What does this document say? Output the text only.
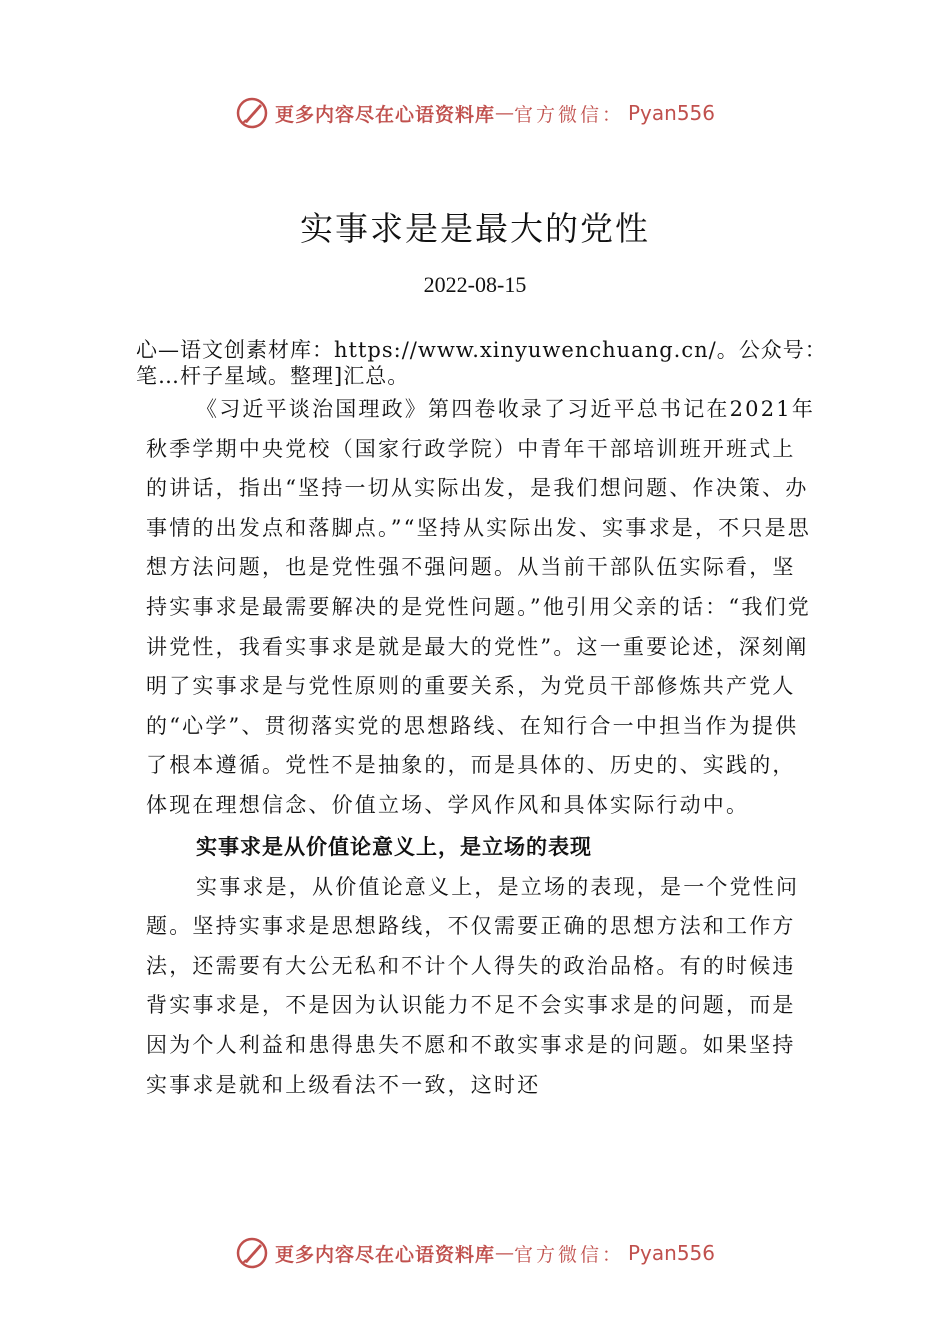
更多内容尽在心语资料库 — 官方微信： Pyan556
实事求是是最大的党性
2022-08-15
心—语文创素材库：https://www.xinyuwenchuang.cn/。公众号：笔…杆子星域。整理]汇总。

《习近平谈治国理政》第四卷收录了习近平总书记在2021年秋季学期中央党校（国家行政学院）中青年干部培训班开班式上的讲话，指出“坚持一切从实际出发，是我们想问题、作决策、办事情的出发点和落脚点。”“坚持从实际出发、实事求是，不只是思想方法问题，也是党性强不强问题。从当前干部队伍实际看，坚持实事求是最需要解决的是党性问题。”他引用父亲的话：“我们党讲党性，我看实事求是就是最大的党性”。这一重要论述，深刻阐明了实事求是与党性原则的重要关系，为党员干部修炼共产党人的“心学”、贯彻落实党的思想路线、在知行合一中担当作为提供了根本遵循。党性不是抽象的，而是具体的、历史的、实践的，体现在理想信念、价值立场、学风作风和具体实际行动中。

实事求是从价值论意义上，是立场的表现

实事求是，从价值论意义上，是立场的表现，是一个党性问题。坚持实事求是思想路线，不仅需要正确的思想方法和工作方法，还需要有大公无私和不计个人得失的政治品格。有的时候违背实事求是，不是因为认识能力不足不会实事求是的问题，而是因为个人利益和患得患失不愿和不敢实事求是的问题。如果坚持实事求是就和上级看法不一致，这时还

更多内容尽在心语资料库 — 官方微信： Pyan556
